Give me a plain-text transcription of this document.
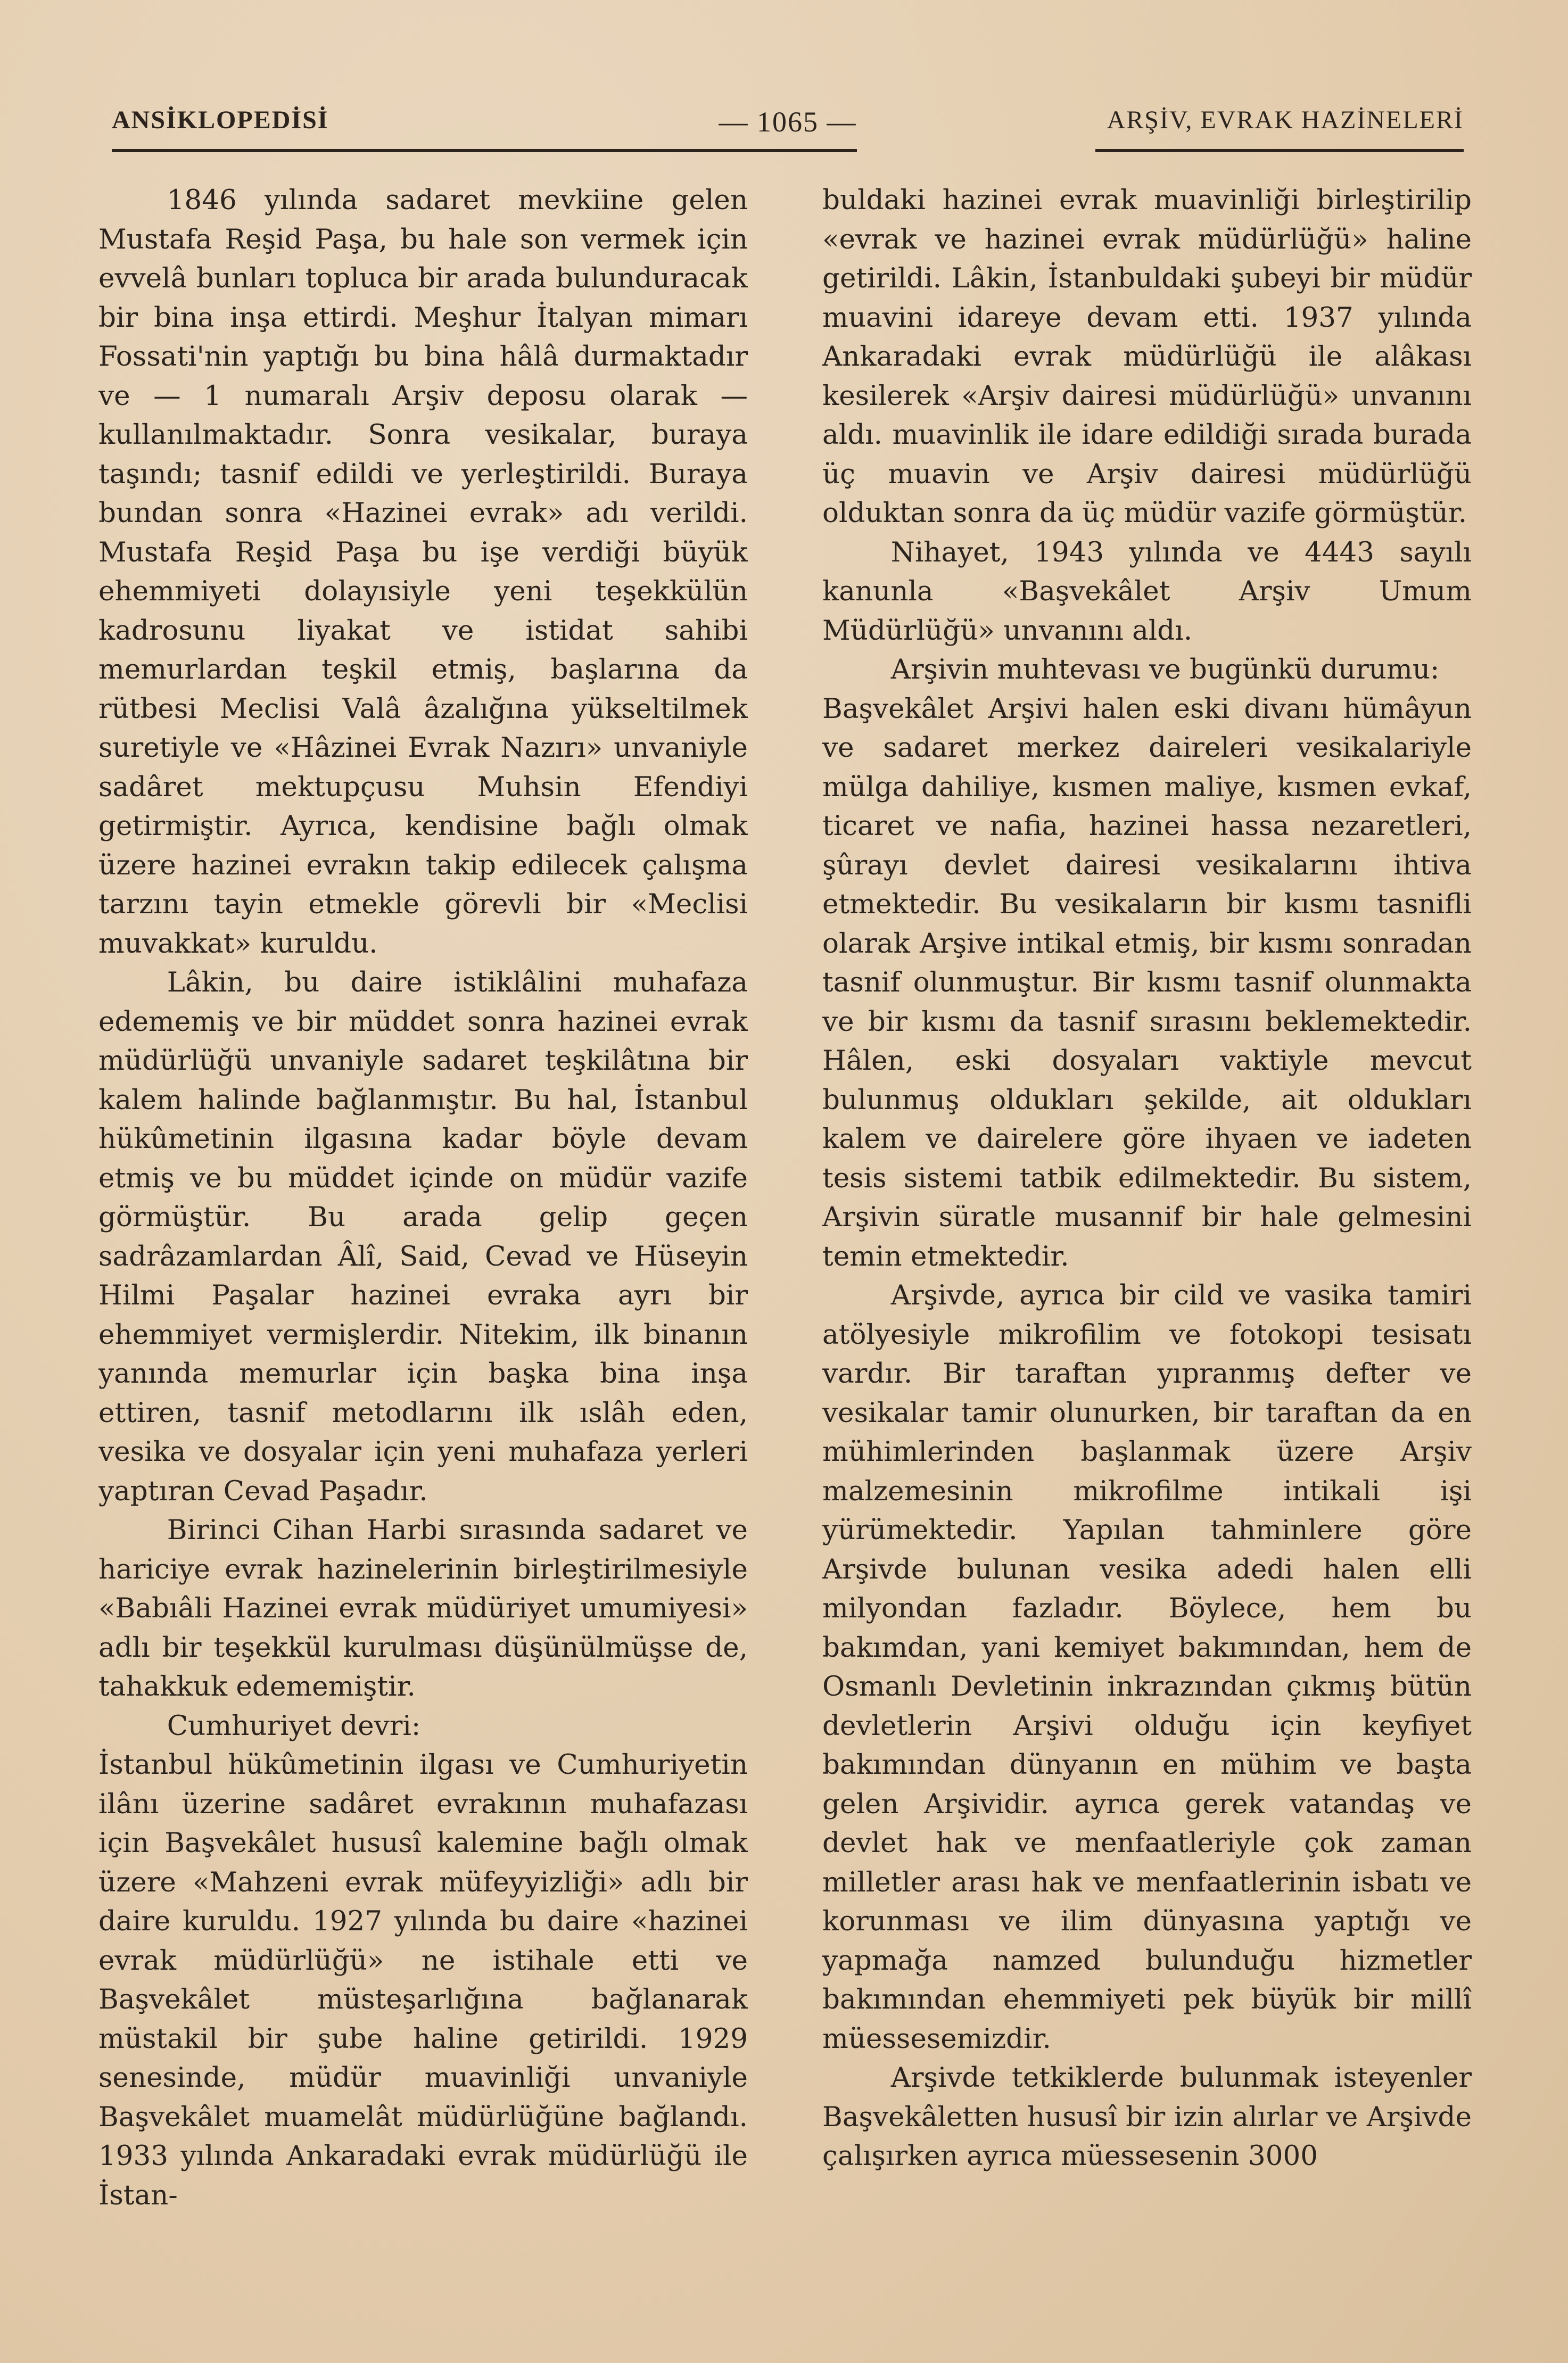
ANSİKLOPEDİSİ	— 1065 —	ARŞİV, EVRAK HAZİNELERİ

1846 yılında sadaret mevkiine gelen Mustafa Reşid Paşa, bu hale son vermek için evvelâ bunları topluca bir arada bulunduracak bir bina inşa ettirdi. Meşhur İtalyan mimarı Fossati'nin yaptığı bu bina hâlâ durmaktadır ve — 1 numaralı Arşiv deposu olarak — kullanılmaktadır. Sonra vesikalar, buraya taşındı; tasnif edildi ve yerleştirildi. Buraya bundan sonra «Hazinei evrak» adı verildi. Mustafa Reşid Paşa bu işe verdiği büyük ehemmiyeti dolayısiyle yeni teşekkülün kadrosunu liyakat ve istidat sahibi memurlardan teşkil etmiş, başlarına da rütbesi Meclisi Valâ âzalığına yükseltilmek suretiyle ve «Hâzinei Evrak Nazırı» unvaniyle sadâret mektupçusu Muhsin Efendiyi getirmiştir. Ayrıca, kendisine bağlı olmak üzere hazinei evrakın takip edilecek çalışma tarzını tayin etmekle görevli bir «Meclisi muvakkat» kuruldu.

Lâkin, bu daire istiklâlini muhafaza edememiş ve bir müddet sonra hazinei evrak müdürlüğü unvaniyle sadaret teşkilâtına bir kalem halinde bağlanmıştır. Bu hal, İstanbul hükûmetinin ilgasına kadar böyle devam etmiş ve bu müddet içinde on müdür vazife görmüştür. Bu arada gelip geçen sadrâzamlardan Âlî, Said, Cevad ve Hüseyin Hilmi Paşalar hazinei evraka ayrı bir ehemmiyet vermişlerdir. Nitekim, ilk binanın yanında memurlar için başka bina inşa ettiren, tasnif metodlarını ilk ıslâh eden, vesika ve dosyalar için yeni muhafaza yerleri yaptıran Cevad Paşadır.

Birinci Cihan Harbi sırasında sadaret ve hariciye evrak hazinelerinin birleştirilmesiyle «Babıâli Hazinei evrak müdüriyet umumiyesi» adlı bir teşekkül kurulması düşünülmüşse de, tahakkuk edememiştir.

Cumhuriyet devri:

İstanbul hükûmetinin ilgası ve Cumhuriyetin ilânı üzerine sadâret evrakının muhafazası için Başvekâlet hususî kalemine bağlı olmak üzere «Mahzeni evrak müfeyyizliği» adlı bir daire kuruldu. 1927 yılında bu daire «hazinei evrak müdürlüğü» ne istihale etti ve Başvekâlet müsteşarlığına bağlanarak müstakil bir şube haline getirildi. 1929 senesinde, müdür muavinliği unvaniyle Başvekâlet muamelât müdürlüğüne bağlandı. 1933 yılında Ankaradaki evrak müdürlüğü ile İstan-

buldaki hazinei evrak muavinliği birleştirilip «evrak ve hazinei evrak müdürlüğü» haline getirildi. Lâkin, İstanbuldaki şubeyi bir müdür muavini idareye devam etti. 1937 yılında Ankaradaki evrak müdürlüğü ile alâkası kesilerek «Arşiv dairesi müdürlüğü» unvanını aldı. muavinlik ile idare edildiği sırada burada üç muavin ve Arşiv dairesi müdürlüğü olduktan sonra da üç müdür vazife görmüştür.

Nihayet, 1943 yılında ve 4443 sayılı kanunla «Başvekâlet Arşiv Umum Müdürlüğü» unvanını aldı.

Arşivin muhtevası ve bugünkü durumu:

Başvekâlet Arşivi halen eski divanı hümâyun ve sadaret merkez daireleri vesikalariyle mülga dahiliye, kısmen maliye, kısmen evkaf, ticaret ve nafia, hazinei hassa nezaretleri, şûrayı devlet dairesi vesikalarını ihtiva etmektedir. Bu vesikaların bir kısmı tasnifli olarak Arşive intikal etmiş, bir kısmı sonradan tasnif olunmuştur. Bir kısmı tasnif olunmakta ve bir kısmı da tasnif sırasını beklemektedir. Hâlen, eski dosyaları vaktiyle mevcut bulunmuş oldukları şekilde, ait oldukları kalem ve dairelere göre ihyaen ve iadeten tesis sistemi tatbik edilmektedir. Bu sistem, Arşivin süratle musannif bir hale gelmesini temin etmektedir.

Arşivde, ayrıca bir cild ve vasika tamiri atölyesiyle mikrofilim ve fotokopi tesisatı vardır. Bir taraftan yıpranmış defter ve vesikalar tamir olunurken, bir taraftan da en mühimlerinden başlanmak üzere Arşiv malzemesinin mikrofilme intikali işi yürümektedir. Yapılan tahminlere göre Arşivde bulunan vesika adedi halen elli milyondan fazladır. Böylece, hem bu bakımdan, yani kemiyet bakımından, hem de Osmanlı Devletinin inkrazından çıkmış bütün devletlerin Arşivi olduğu için keyfiyet bakımından dünyanın en mühim ve başta gelen Arşividir. ayrıca gerek vatandaş ve devlet hak ve menfaatleriyle çok zaman milletler arası hak ve menfaatlerinin isbatı ve korunması ve ilim dünyasına yaptığı ve yapmağa namzed bulunduğu hizmetler bakımından ehemmiyeti pek büyük bir millî müessesemizdir.

Arşivde tetkiklerde bulunmak isteyenler Başvekâletten hususî bir izin alırlar ve Arşivde çalışırken ayrıca müessesenin 3000
